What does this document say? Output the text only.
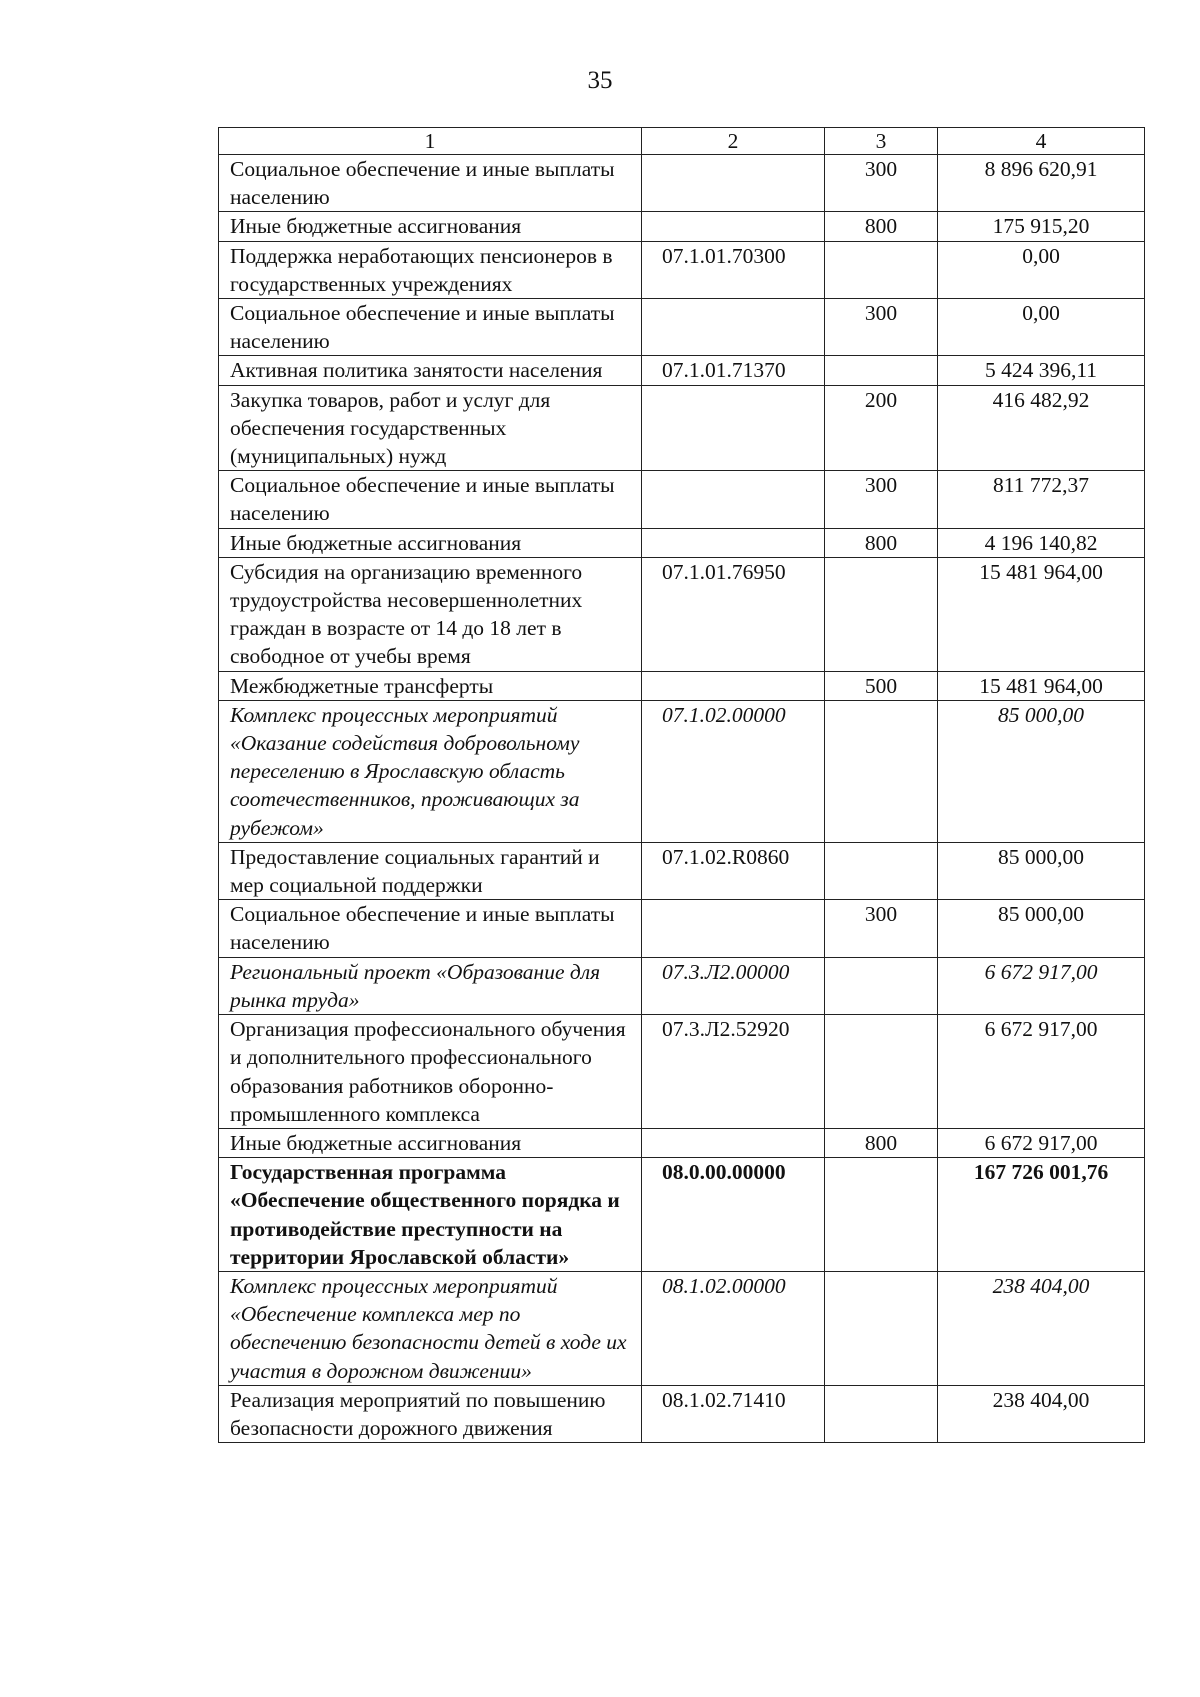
35
1	2	3	4
Социальное обеспечение и иные выплаты населению		300	8 896 620,91
Иные бюджетные ассигнования		800	175 915,20
Поддержка неработающих пенсионеров в государственных учреждениях	07.1.01.70300		0,00
Социальное обеспечение и иные выплаты населению		300	0,00
Активная политика занятости населения	07.1.01.71370		5 424 396,11
Закупка товаров, работ и услуг для обеспечения государственных (муниципальных) нужд		200	416 482,92
Социальное обеспечение и иные выплаты населению		300	811 772,37
Иные бюджетные ассигнования		800	4 196 140,82
Субсидия на организацию временного трудоустройства несовершеннолетних граждан в возрасте от 14 до 18 лет в свободное от учебы время	07.1.01.76950		15 481 964,00
Межбюджетные трансферты		500	15 481 964,00
Комплекс процессных мероприятий «Оказание содействия добровольному переселению в Ярославскую область соотечественников, проживающих за рубежом»	07.1.02.00000		85 000,00
Предоставление социальных гарантий и мер социальной поддержки	07.1.02.R0860		85 000,00
Социальное обеспечение и иные выплаты населению		300	85 000,00
Региональный проект «Образование для рынка труда»	07.3.Л2.00000		6 672 917,00
Организация профессионального обучения и дополнительного профессионального образования работников оборонно-промышленного комплекса	07.3.Л2.52920		6 672 917,00
Иные бюджетные ассигнования		800	6 672 917,00
Государственная программа «Обеспечение общественного порядка и противодействие преступности на территории Ярославской области»	08.0.00.00000		167 726 001,76
Комплекс процессных мероприятий «Обеспечение комплекса мер по обеспечению безопасности детей в ходе их участия в дорожном движении»	08.1.02.00000		238 404,00
Реализация мероприятий по повышению безопасности дорожного движения	08.1.02.71410		238 404,00
